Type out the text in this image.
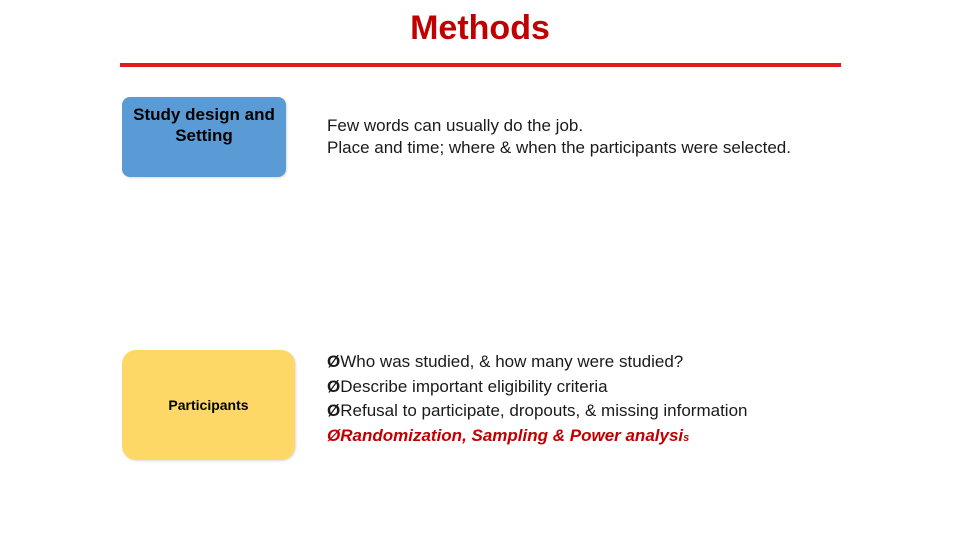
Methods
Study design and Setting
Few words can usually do the job.
Place and time; where & when the participants were selected.
Participants
ØWho was studied, & how many were studied?
ØDescribe important eligibility criteria
ØRefusal to participate, dropouts, & missing information
ØRandomization, Sampling & Power analysis
